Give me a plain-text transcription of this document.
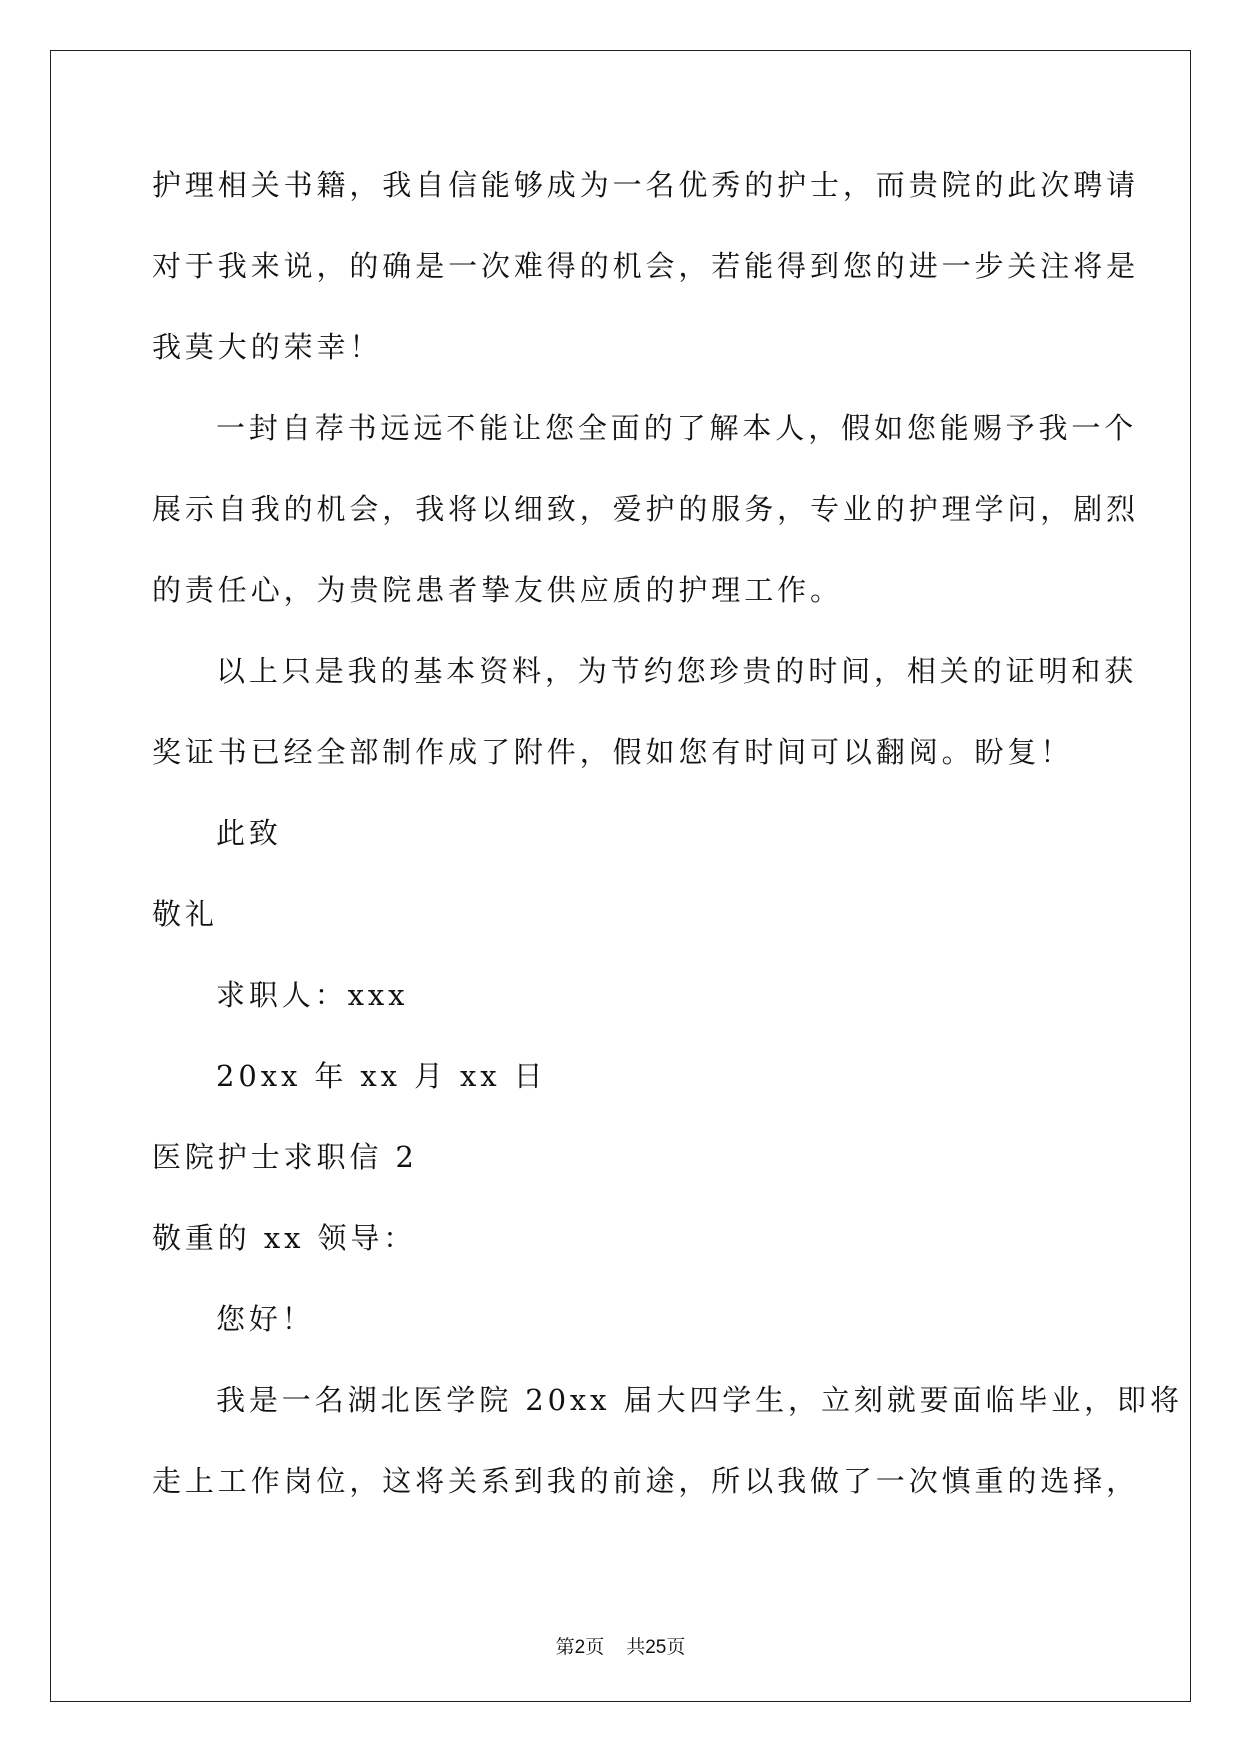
护理相关书籍，我自信能够成为一名优秀的护士，而贵院的此次聘请
对于我来说，的确是一次难得的机会，若能得到您的进一步关注将是
我莫大的荣幸！
一封自荐书远远不能让您全面的了解本人，假如您能赐予我一个
展示自我的机会，我将以细致，爱护的服务，专业的护理学问，剧烈
的责任心，为贵院患者挚友供应质的护理工作。
以上只是我的基本资料，为节约您珍贵的时间，相关的证明和获
奖证书已经全部制作成了附件，假如您有时间可以翻阅。盼复！
此致
敬礼
求职人：xxx
20xx 年 xx 月 xx 日
医院护士求职信 2
敬重的 xx 领导：
您好！
我是一名湖北医学院 20xx 届大四学生，立刻就要面临毕业，即将
走上工作岗位，这将关系到我的前途，所以我做了一次慎重的选择，
第2页 共25页
